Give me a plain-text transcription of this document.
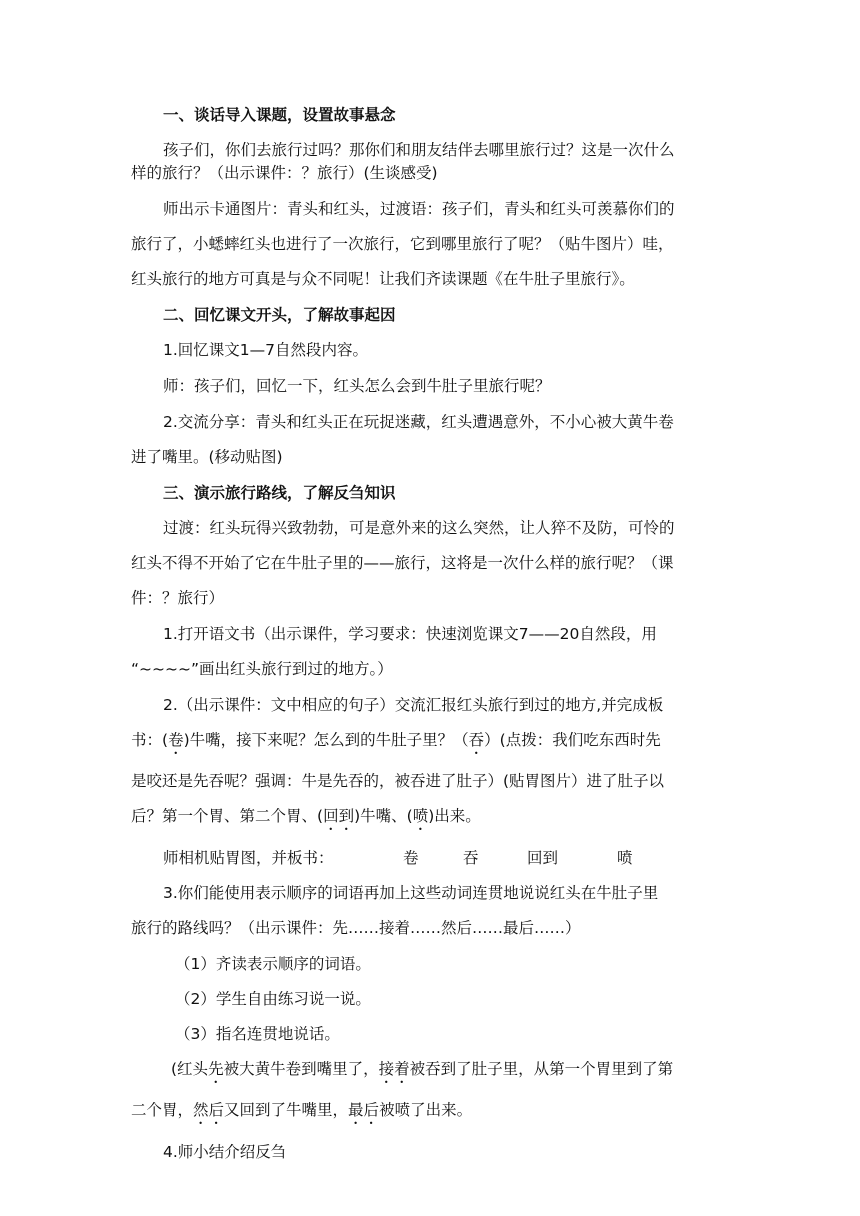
一、谈话导入课题，设置故事悬念

孩子们，你们去旅行过吗？那你们和朋友结伴去哪里旅行过？这是一次什么

样的旅行？（出示课件：？旅行）(生谈感受)

师出示卡通图片：青头和红头，过渡语：孩子们，青头和红头可羡慕你们的

旅行了，小蟋蟀红头也进行了一次旅行，它到哪里旅行了呢？（贴牛图片）哇，

红头旅行的地方可真是与众不同呢！让我们齐读课题《在牛肚子里旅行》。

二、回忆课文开头，了解故事起因

1.回忆课文1—7自然段内容。

师：孩子们，回忆一下，红头怎么会到牛肚子里旅行呢？

2.交流分享：青头和红头正在玩捉迷藏，红头遭遇意外，不小心被大黄牛卷

进了嘴里。(移动贴图)

三、演示旅行路线，了解反刍知识

过渡：红头玩得兴致勃勃，可是意外来的这么突然，让人猝不及防，可怜的

红头不得不开始了它在牛肚子里的——旅行，这将是一次什么样的旅行呢？（课

件：？旅行）

1.打开语文书（出示课件，学习要求：快速浏览课文7——20自然段，用

“~~~~”画出红头旅行到过的地方。）

2.（出示课件：文中相应的句子）交流汇报红头旅行到过的地方,并完成板

书：(卷)牛嘴，接下来呢？怎么到的牛肚子里？（吞）(点拨：我们吃东西时先

是咬还是先吞呢？强调：牛是先吞的，被吞进了肚子）(贴胃图片）进了肚子以

后？第一个胃、第二个胃、(回到)牛嘴、(喷)出来。

师相机贴胃图，并板书：	卷	吞	回到	喷

3.你们能使用表示顺序的词语再加上这些动词连贯地说说红头在牛肚子里

旅行的路线吗？（出示课件：先……接着……然后……最后……）

（1）齐读表示顺序的词语。

（2）学生自由练习说一说。

（3）指名连贯地说话。

(红头先被大黄牛卷到嘴里了，接着被吞到了肚子里，从第一个胃里到了第

二个胃，然后又回到了牛嘴里，最后被喷了出来。

4.师小结介绍反刍
